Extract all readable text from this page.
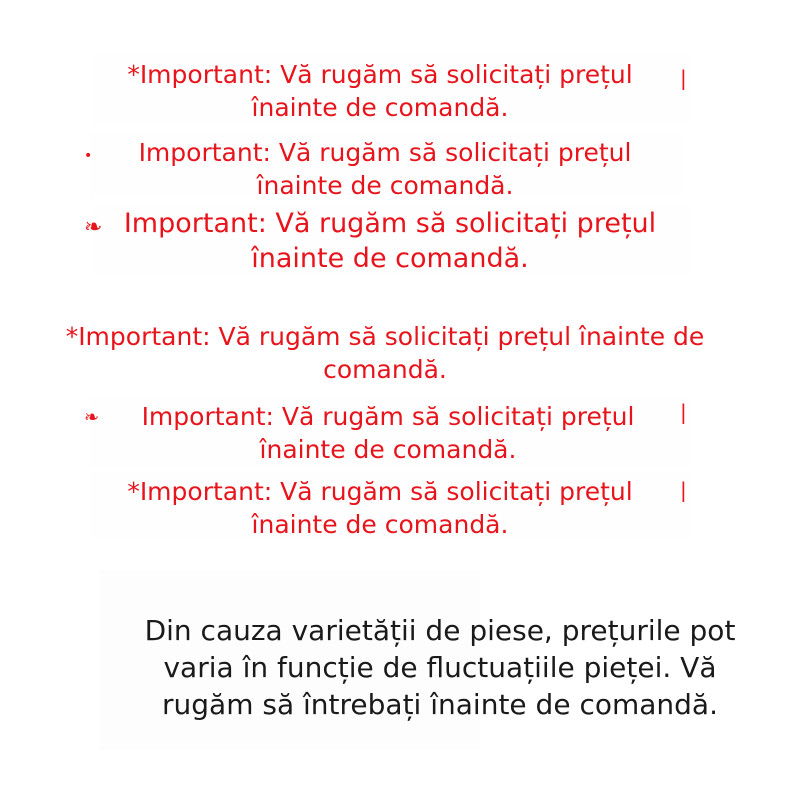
•
❧
❧
|
|
|
*Important: Vă rugăm să solicitați prețul
înainte de comandă.
Important: Vă rugăm să solicitați prețul
înainte de comandă.
Important: Vă rugăm să solicitați prețul
înainte de comandă.
*Important: Vă rugăm să solicitați prețul înainte de
comandă.
Important: Vă rugăm să solicitați prețul
înainte de comandă.
*Important: Vă rugăm să solicitați prețul
înainte de comandă.
Din cauza varietății de piese, prețurile pot
varia în funcție de fluctuațiile pieței. Vă
rugăm să întrebați înainte de comandă.
